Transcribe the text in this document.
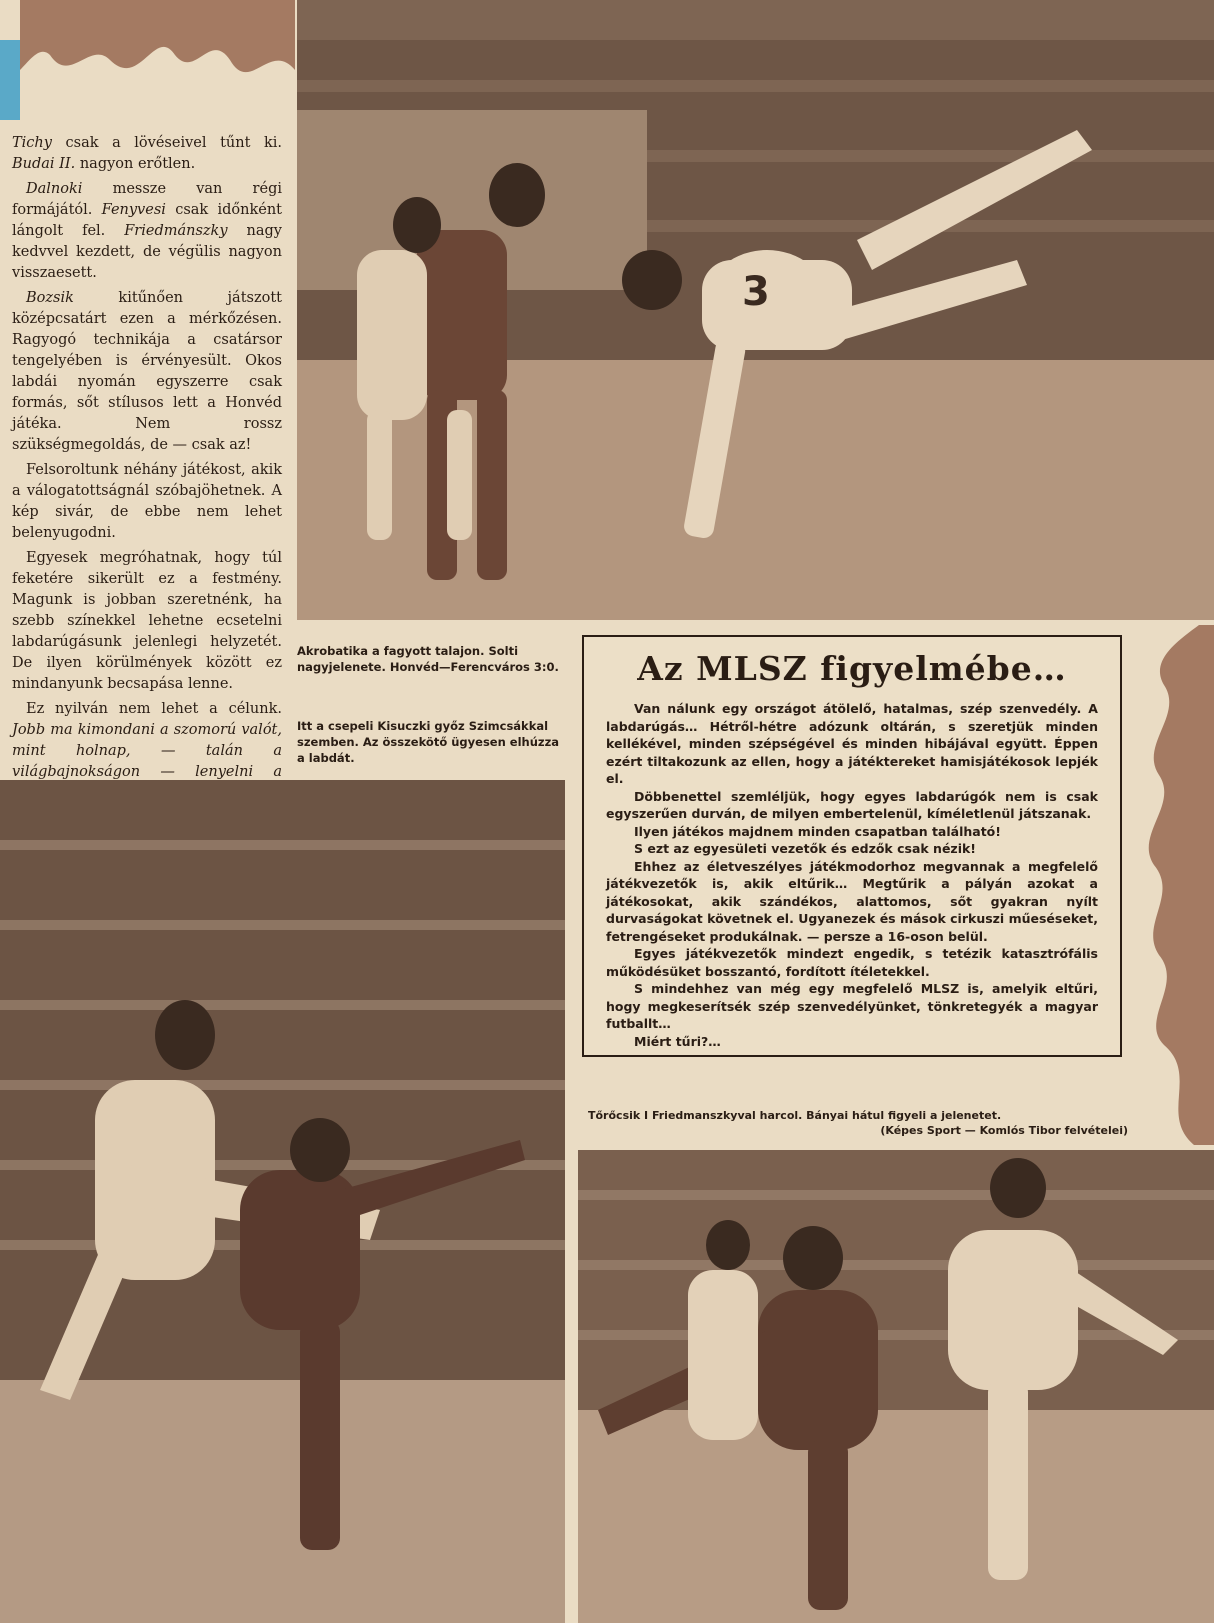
3

Tichy csak a lövéseivel tűnt ki. Budai II. nagyon erőtlen.

Dalnoki messze van régi formájától. Fenyvesi csak időnként lángolt fel. Friedmánszky nagy kedvvel kezdett, de végülis nagyon visszaesett.

Bozsik kitűnően játszott középcsatárt ezen a mérkőzésen. Ragyogó technikája a csatársor tengelyében is érvényesült. Okos labdái nyomán egyszerre csak formás, sőt stílusos lett a Honvéd játéka. Nem rossz szükségmegoldás, de — csak az!

Felsoroltunk néhány játékost, akik a válogatottságnál szóbajöhetnek. A kép sivár, de ebbe nem lehet belenyugodni.

Egyesek megróhatnak, hogy túl feketére sikerült ez a festmény. Magunk is jobban szeretnénk, ha szebb színekkel lehetne ecsetelni labdarúgásunk jelenlegi helyzetét. De ilyen körülmények között ez mindanyunk becsapása lenne.

Ez nyilván nem lehet a célunk. Jobb ma kimondani a szomorú valót, mint holnap, — talán a világbajnokságon — lenyelni a

Akrobatika a fagyott talajon. Solti nagyjelenete. Honvéd—Ferencváros 3:0.
Itt a csepeli Kisuczki győz Szimcsákkal szemben. Az összekötő ügyesen elhúzza a labdát.
Az MLSZ figyelmébe…

Van nálunk egy országot átölelő, hatalmas, szép szenvedély. A labdarúgás… Hétről-hétre adózunk oltárán, s szeretjük minden kellékével, minden szépségével és minden hibájával együtt. Éppen ezért tiltakozunk az ellen, hogy a játéktereket hamisjátékosok lepjék el.

Döbbenettel szemléljük, hogy egyes labdarúgók nem is csak egyszerűen durván, de milyen embertelenül, kíméletlenül játszanak.

Ilyen játékos majdnem minden csapatban található!

S ezt az egyesületi vezetők és edzők csak nézik!

Ehhez az életveszélyes játékmodorhoz megvannak a megfelelő játékvezetők is, akik eltűrik… Megtűrik a pályán azokat a játékosokat, akik szándékos, alattomos, sőt gyakran nyílt durvaságokat követnek el. Ugyanezek és mások cirkuszi műeséseket, fetrengéseket produkálnak. — persze a 16-oson belül.

Egyes játékvezetők mindezt engedik, s tetézik katasztrófális működésüket bosszantó, fordított ítéletekkel.

S mindehhez van még egy megfelelő MLSZ is, amelyik eltűri, hogy megkeserítsék szép szenvedélyünket, tönkretegyék a magyar futballt…

Miért tűri?…

Tőrőcsik I Friedmanszkyval harcol. Bányai hátul figyeli a jelenetet.
(Képes Sport — Komlós Tibor felvételei)
